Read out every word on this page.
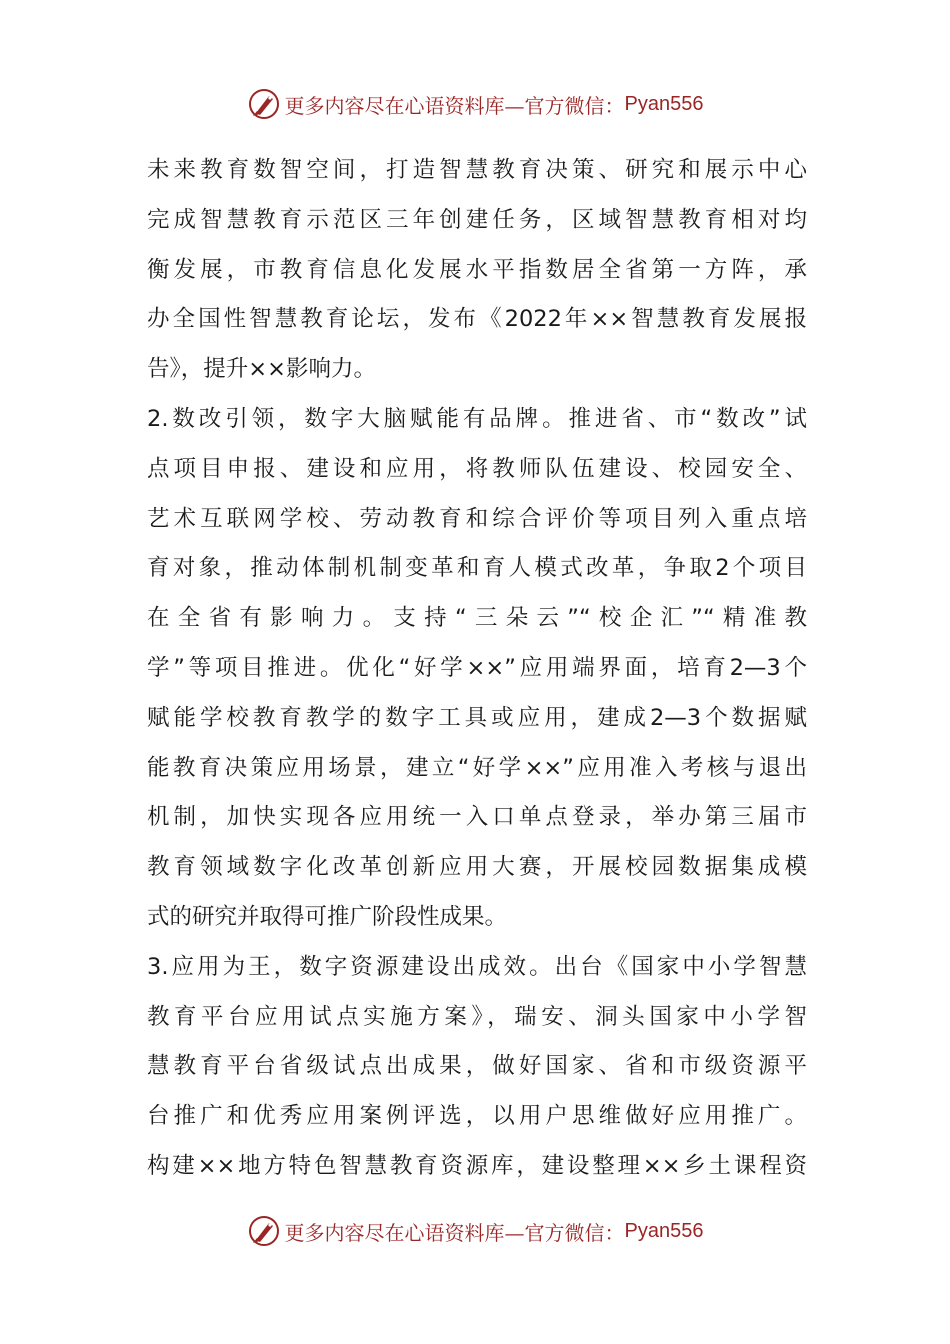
更多内容尽在心语资料库—官方微信： Pyan556
未来教育数智空间，打造智慧教育决策、研究和展示中心
完成智慧教育示范区三年创建任务，区域智慧教育相对均
衡发展，市教育信息化发展水平指数居全省第一方阵，承
办全国性智慧教育论坛，发布《2022年××智慧教育发展报
告》，提升××影响力。
2.数改引领，数字大脑赋能有品牌。推进省、市“数改”试
点项目申报、建设和应用，将教师队伍建设、校园安全、
艺术互联网学校、劳动教育和综合评价等项目列入重点培
育对象，推动体制机制变革和育人模式改革，争取2个项目
在全省有影响力。支持“三朵云”“校企汇”“精准教
学”等项目推进。优化“好学××”应用端界面，培育2—3个
赋能学校教育教学的数字工具或应用，建成2—3个数据赋
能教育决策应用场景，建立“好学××”应用准入考核与退出
机制，加快实现各应用统一入口单点登录，举办第三届市
教育领域数字化改革创新应用大赛，开展校园数据集成模
式的研究并取得可推广阶段性成果。
3.应用为王，数字资源建设出成效。出台《国家中小学智慧
教育平台应用试点实施方案》，瑞安、洞头国家中小学智
慧教育平台省级试点出成果，做好国家、省和市级资源平
台推广和优秀应用案例评选，以用户思维做好应用推广。
构建××地方特色智慧教育资源库，建设整理××乡土课程资
更多内容尽在心语资料库—官方微信： Pyan556
